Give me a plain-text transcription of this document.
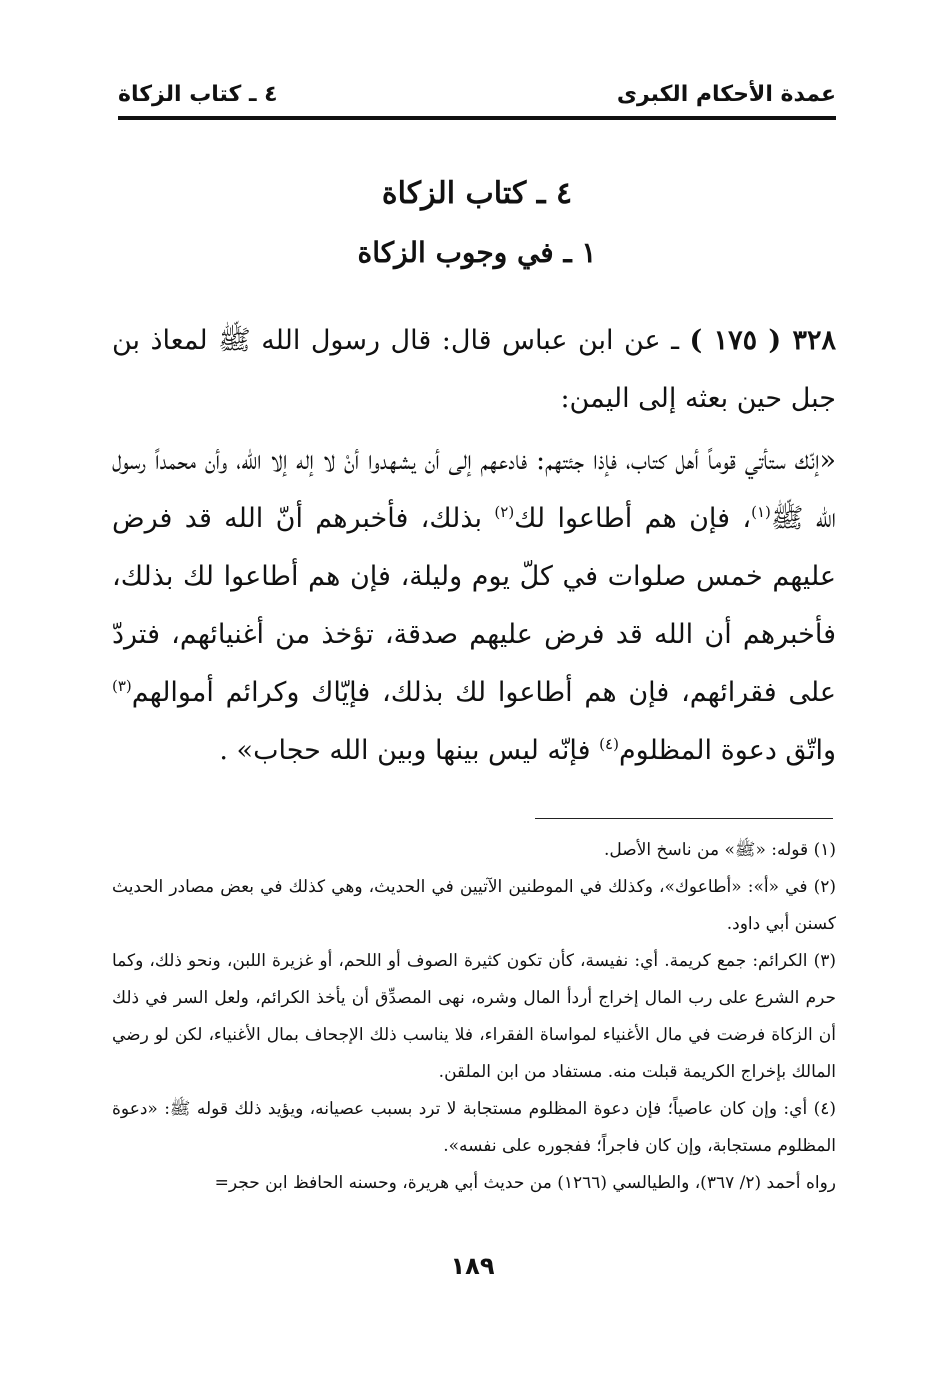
عمدة الأحكام الكبرى
٤ ـ كتاب الزكاة
٤ ـ كتاب الزكاة
١ ـ في وجوب الزكاة
٣٢٨ ( ١٧٥ ) ـ عن ابن عباس قال: قال رسول الله ﷺ لمعاذ بن جبل حين بعثه إلى اليمن:
«إنّك ستأتي قوماً أهل كتاب، فإذا جئتهم: فادعهم إلى أن يشهدوا أنْ لا إله إلا الله، وأن محمداً رسول الله ﷺ$^{(١)}$، فإن هم أطاعوا لك$^{(٢)}$ بذلك، فأخبرهم أنّ الله قد فرض عليهم خمس صلوات في كلّ يوم وليلة، فإن هم أطاعوا لك بذلك، فأخبرهم أن الله قد فرض عليهم صدقة، تؤخذ من أغنيائهم، فتردّ على فقرائهم، فإن هم أطاعوا لك بذلك، فإيّاك وكرائم أموالهم$^{(٣)}$ واتّق دعوة المظلوم$^{(٤)}$ فإنّه ليس بينها وبين الله حجاب» .

(١) قوله: «ﷺ» من ناسخ الأصل.

(٢) في «أ»: «أطاعوك»، وكذلك في الموطنين الآتيين في الحديث، وهي كذلك في بعض مصادر الحديث كسنن أبي داود.

(٣) الكرائم: جمع كريمة. أي: نفيسة، كأن تكون كثيرة الصوف أو اللحم، أو غزيرة اللبن، ونحو ذلك، وكما حرم الشرع على رب المال إخراج أردأ المال وشره، نهى المصدِّق أن يأخذ الكرائم، ولعل السر في ذلك أن الزكاة فرضت في مال الأغنياء لمواساة الفقراء، فلا يناسب ذلك الإجحاف بمال الأغنياء، لكن لو رضي المالك بإخراج الكريمة قبلت منه. مستفاد من ابن الملقن.

(٤) أي: وإن كان عاصياً؛ فإن دعوة المظلوم مستجابة لا ترد بسبب عصيانه، ويؤيد ذلك قوله ﷺ: «دعوة المظلوم مستجابة، وإن كان فاجراً؛ ففجوره على نفسه».

رواه أحمد (٢/ ٣٦٧)، والطيالسي (١٢٦٦) من حديث أبي هريرة، وحسنه الحافظ ابن حجر=

١٨٩
